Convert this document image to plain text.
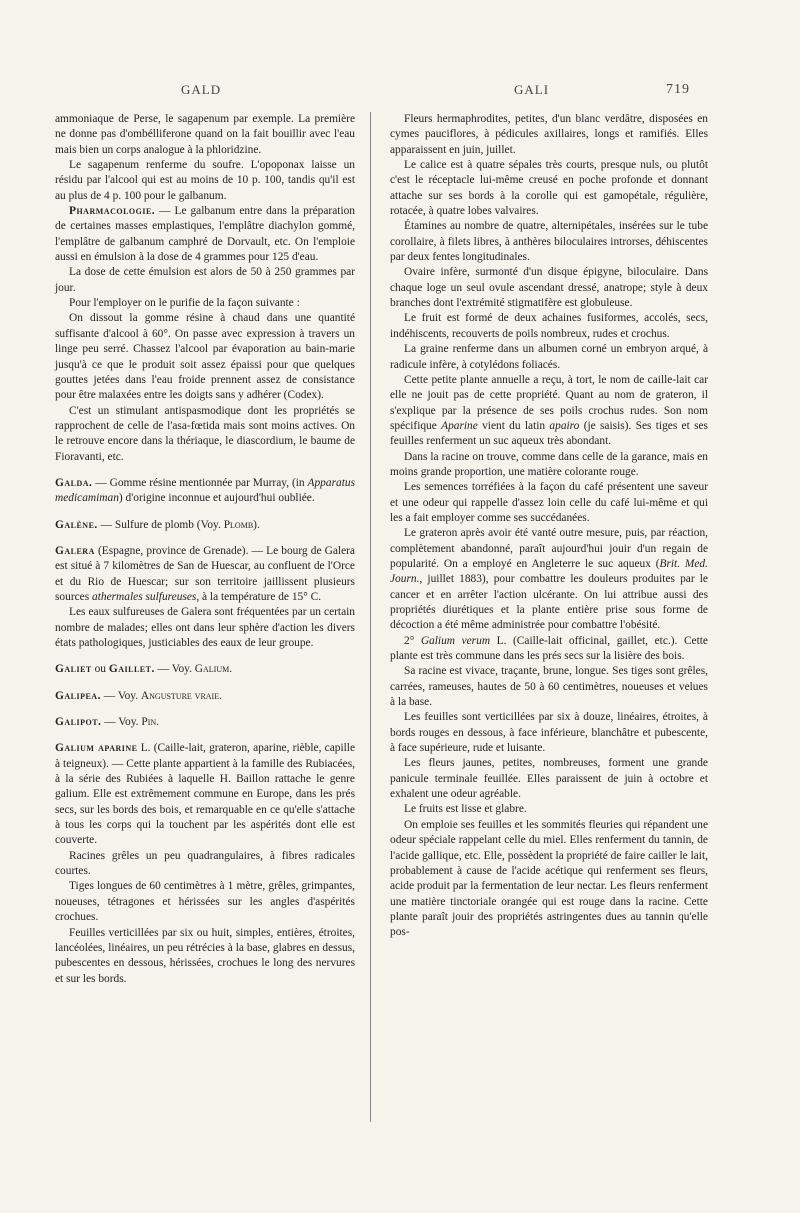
GALD	GALI	719

ammoniaque de Perse, le sagapenum par exemple. La première ne donne pas d'ombélliferone quand on la fait bouillir avec l'eau mais bien un corps analogue à la phloridzine.

Le sagapenum renferme du soufre. L'opoponax laisse un résidu par l'alcool qui est au moins de 10 p. 100, tandis qu'il est au plus de 4 p. 100 pour le galbanum.

Pharmacologie. — Le galbanum entre dans la préparation de certaines masses emplastiques, l'emplâtre diachylon gommé, l'emplâtre de galbanum camphré de Dorvault, etc. On l'emploie aussi en émulsion à la dose de 4 grammes pour 125 d'eau.

La dose de cette émulsion est alors de 50 à 250 grammes par jour.

Pour l'employer on le purifie de la façon suivante :

On dissout la gomme résine à chaud dans une quantité suffisante d'alcool à 60°. On passe avec expression à travers un linge peu serré. Chassez l'alcool par évaporation au bain-marie jusqu'à ce que le produit soit assez épaissi pour que quelques gouttes jetées dans l'eau froide prennent assez de consistance pour être malaxées entre les doigts sans y adhérer (Codex).

C'est un stimulant antispasmodique dont les propriétés se rapprochent de celle de l'asa-fœtida mais sont moins actives. On le retrouve encore dans la thériaque, le diascordium, le baume de Fioravanti, etc.

Galda. — Gomme résine mentionnée par Murray, (in Apparatus medicamiman) d'origine inconnue et aujourd'hui oubliée.

Galène. — Sulfure de plomb (Voy. Plomb).

Galera (Espagne, province de Grenade). — Le bourg de Galera est situé à 7 kilomètres de San de Huescar, au confluent de l'Orce et du Rio de Huescar; sur son territoire jaillissent plusieurs sources athermales sulfureuses, à la température de 15° C.

Les eaux sulfureuses de Galera sont fréquentées par un certain nombre de malades; elles ont dans leur sphère d'action les divers états pathologiques, justiciables des eaux de leur groupe.

Galiet ou Gaillet. — Voy. Galium.

Galipea. — Voy. Angusture vraie.

Galipot. — Voy. Pin.

Galium aparine L. (Caille-lait, grateron, aparine, rièble, capille à teigneux). — Cette plante appartient à la famille des Rubiacées, à la série des Rubiées à laquelle H. Baillon rattache le genre galium. Elle est extrêmement commune en Europe, dans les prés secs, sur les bords des bois, et remarquable en ce qu'elle s'attache à tous les corps qui la touchent par les aspérités dont elle est couverte.

Racines grêles un peu quadrangulaires, à fibres radicales courtes.

Tiges longues de 60 centimètres à 1 mètre, grêles, grimpantes, noueuses, tétragones et hérissées sur les angles d'aspérités crochues.

Feuilles verticillées par six ou huit, simples, entières, étroites, lancéolées, linéaires, un peu rétrécies à la base, glabres en dessus, pubescentes en dessous, hérissées, crochues le long des nervures et sur les bords.

Fleurs hermaphrodites, petites, d'un blanc verdâtre, disposées en cymes pauciflores, à pédicules axillaires, longs et ramifiés. Elles apparaissent en juin, juillet.

Le calice est à quatre sépales très courts, presque nuls, ou plutôt c'est le réceptacle lui-même creusé en poche profonde et donnant attache sur ses bords à la corolle qui est gamopétale, régulière, rotacée, à quatre lobes valvaires.

Étamines au nombre de quatre, alternipétales, insérées sur le tube corollaire, à filets libres, à anthères biloculaires introrses, déhiscentes par deux fentes longitudinales.

Ovaire infère, surmonté d'un disque épigyne, biloculaire. Dans chaque loge un seul ovule ascendant dressé, anatrope; style à deux branches dont l'extrémité stigmatifère est globuleuse.

Le fruit est formé de deux achaines fusiformes, accolés, secs, indéhiscents, recouverts de poils nombreux, rudes et crochus.

La graine renferme dans un albumen corné un embryon arqué, à radicule infère, à cotylédons foliacés.

Cette petite plante annuelle a reçu, à tort, le nom de caille-lait car elle ne jouit pas de cette propriété. Quant au nom de grateron, il s'explique par la présence de ses poils crochus rudes. Son nom spécifique Aparine vient du latin apairo (je saisis). Ses tiges et ses feuilles renferment un suc aqueux très abondant.

Dans la racine on trouve, comme dans celle de la garance, mais en moins grande proportion, une matière colorante rouge.

Les semences torréfiées à la façon du café présentent une saveur et une odeur qui rappelle d'assez loin celle du café lui-même et qui les a fait employer comme ses succédanées.

Le grateron après avoir été vanté outre mesure, puis, par réaction, complètement abandonné, paraît aujourd'hui jouir d'un regain de popularité. On a employé en Angleterre le suc aqueux (Brit. Med. Journ., juillet 1883), pour combattre les douleurs produites par le cancer et en arrêter l'action ulcérante. On lui attribue aussi des propriétés diurétiques et la plante entière prise sous forme de décoction a été même administrée pour combattre l'obésité.

2° Galium verum L. (Caille-lait officinal, gaillet, etc.). Cette plante est très commune dans les prés secs sur la lisière des bois.

Sa racine est vivace, traçante, brune, longue. Ses tiges sont grêles, carrées, rameuses, hautes de 50 à 60 centimètres, noueuses et velues à la base.

Les feuilles sont verticillées par six à douze, linéaires, étroites, à bords rouges en dessous, à face inférieure, blanchâtre et pubescente, à face supérieure, rude et luisante.

Les fleurs jaunes, petites, nombreuses, forment une grande panicule terminale feuillée. Elles paraissent de juin à octobre et exhalent une odeur agréable.

Le fruits est lisse et glabre.

On emploie ses feuilles et les sommités fleuries qui répandent une odeur spéciale rappelant celle du miel. Elles renferment du tannin, de l'acide gallique, etc. Elle, possèdent la propriété de faire cailler le lait, probablement à cause de l'acide acétique qui renferment ses fleurs, acide produit par la fermentation de leur nectar. Les fleurs renferment une matière tinctoriale orangée qui est rouge dans la racine. Cette plante paraît jouir des propriétés astringentes dues au tannin qu'elle pos-
